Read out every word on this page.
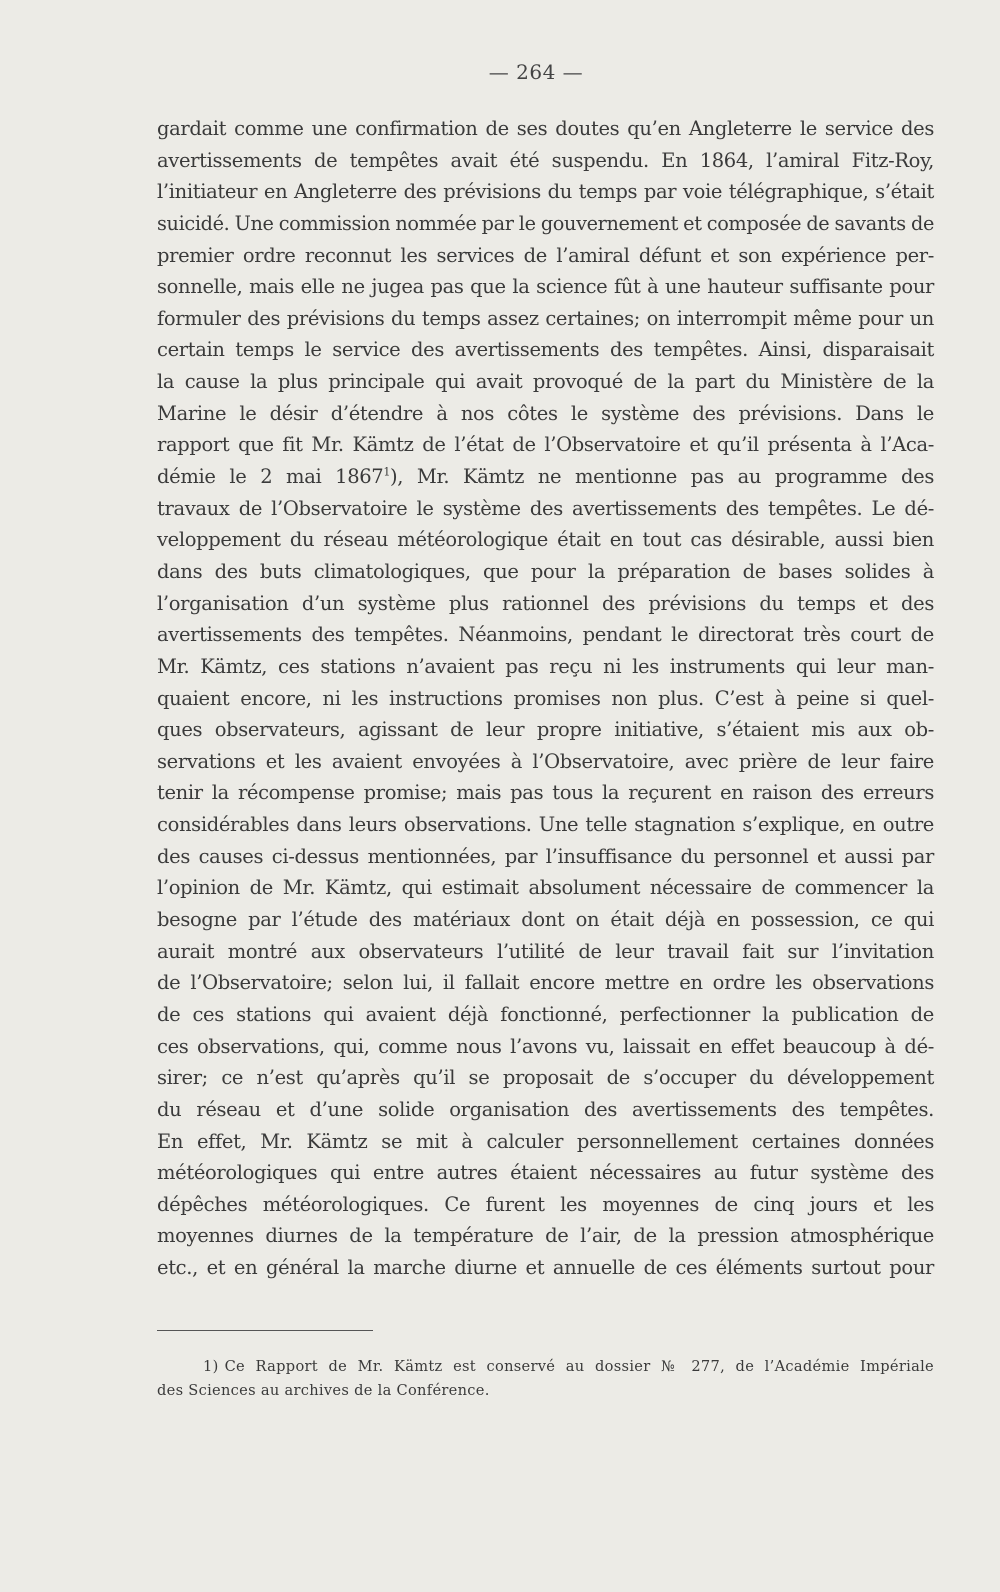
— 264 —
gardait comme une confirmation de ses doutes qu’en Angleterre le service des
avertissements de tempêtes avait été suspendu. En 1864, l’amiral Fitz-Roy,
l’initiateur en Angleterre des prévisions du temps par voie télégraphique, s’était
suicidé. Une commission nommée par le gouvernement et composée de savants de
premier ordre reconnut les services de l’amiral défunt et son expérience per-
sonnelle, mais elle ne jugea pas que la science fût à une hauteur suffisante pour
formuler des prévisions du temps assez certaines; on interrompit même pour un
certain temps le service des avertissements des tempêtes. Ainsi, disparaisait
la cause la plus principale qui avait provoqué de la part du Ministère de la
Marine le désir d’étendre à nos côtes le système des prévisions. Dans le
rapport que fit Mr. Kämtz de l’état de l’Observatoire et qu’il présenta à l’Aca-
démie le 2 mai 1867$^1$), Mr. Kämtz ne mentionne pas au programme des
travaux de l’Observatoire le système des avertissements des tempêtes. Le dé-
veloppement du réseau météorologique était en tout cas désirable, aussi bien
dans des buts climatologiques, que pour la préparation de bases solides à
l’organisation d’un système plus rationnel des prévisions du temps et des
avertissements des tempêtes. Néanmoins, pendant le directorat très court de
Mr. Kämtz, ces stations n’avaient pas reçu ni les instruments qui leur man-
quaient encore, ni les instructions promises non plus. C’est à peine si quel-
ques observateurs, agissant de leur propre initiative, s’étaient mis aux ob-
servations et les avaient envoyées à l’Observatoire, avec prière de leur faire
tenir la récompense promise; mais pas tous la reçurent en raison des erreurs
considérables dans leurs observations. Une telle stagnation s’explique, en outre
des causes ci-dessus mentionnées, par l’insuffisance du personnel et aussi par
l’opinion de Mr. Kämtz, qui estimait absolument nécessaire de commencer la
besogne par l’étude des matériaux dont on était déjà en possession, ce qui
aurait montré aux observateurs l’utilité de leur travail fait sur l’invitation
de l’Observatoire; selon lui, il fallait encore mettre en ordre les observations
de ces stations qui avaient déjà fonctionné, perfectionner la publication de
ces observations, qui, comme nous l’avons vu, laissait en effet beaucoup à dé-
sirer; ce n’est qu’après qu’il se proposait de s’occuper du développement
du réseau et d’une solide organisation des avertissements des tempêtes.
En effet, Mr. Kämtz se mit à calculer personnellement certaines données
météorologiques qui entre autres étaient nécessaires au futur système des
dépêches météorologiques. Ce furent les moyennes de cinq jours et les
moyennes diurnes de la température de l’air, de la pression atmosphérique
etc., et en général la marche diurne et annuelle de ces éléments surtout pour
1) Ce Rapport de Mr. Kämtz est conservé au dossier № 277, de l’Académie Impériale
des Sciences au archives de la Conférence.
